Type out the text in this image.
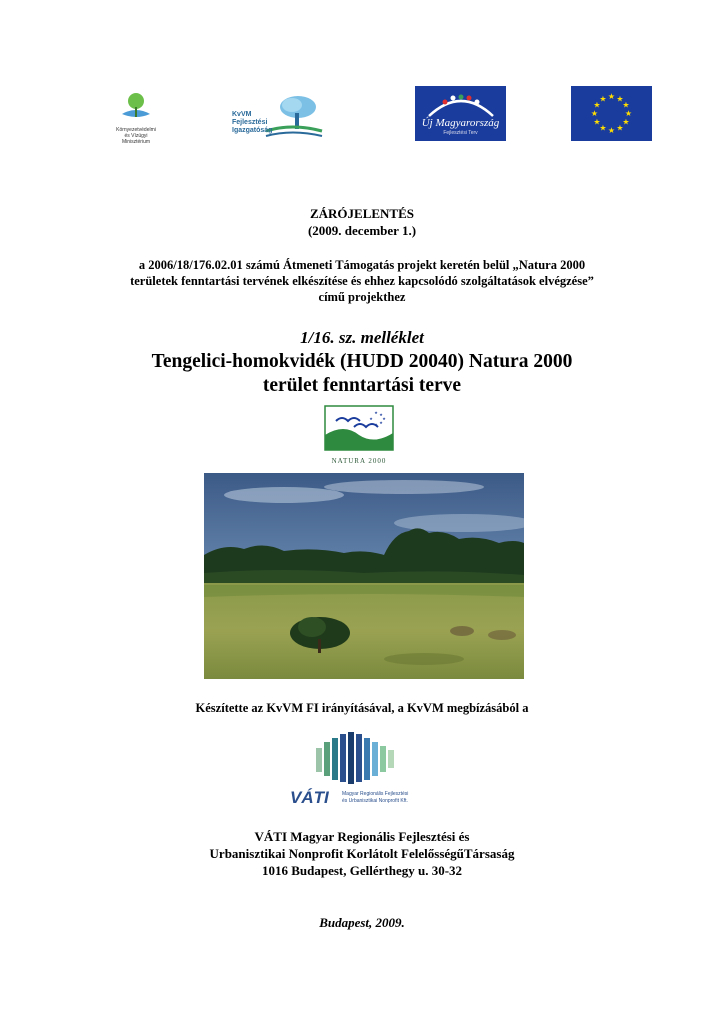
Környezetvédelmi
és Vízügyi
Minisztérium
KvVM
Fejlesztési
Igazgatóság
Új Magyarország
Fejlesztési Terv
★ ★
★
★
★
★
★
★
★
★
★
★
ZÁRÓJELENTÉS
(2009. december 1.)
a 2006/18/176.02.01 számú Átmeneti Támogatás projekt keretén belül „Natura 2000
területek fenntartási tervének elkészítése és ehhez kapcsolódó szolgáltatások elvégzése”
című projekthez
1/16. sz. melléklet
Tengelici-homokvidék (HUDD 20040) Natura 2000
terület fenntartási terve
★ ★
★
★
★
★
NATURA 2000
Készítette az KvVM FI irányításával, a KvVM megbízásából a
VÁTI	Magyar Regionális Fejlesztési
és Urbanisztikai Nonprofit Kft.
VÁTI Magyar Regionális Fejlesztési és
Urbanisztikai Nonprofit Korlátolt FelelősségűTársaság
1016 Budapest, Gellérthegy u. 30-32
Budapest, 2009.
